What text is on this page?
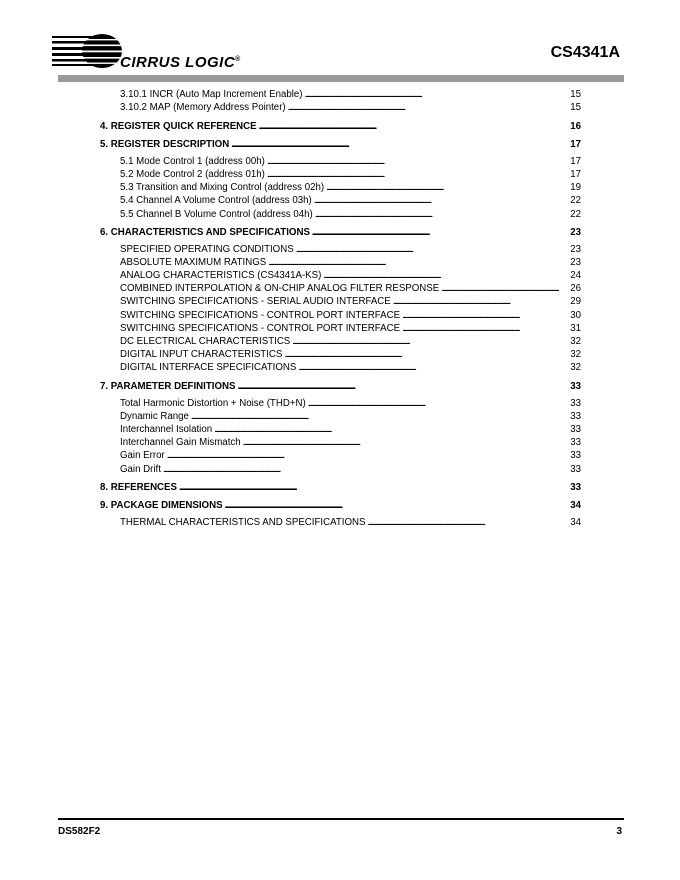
CIRRUS LOGIC®	CS4341A
3.10.1 INCR (Auto Map Increment Enable) . . .	15
3.10.2 MAP (Memory Address Pointer) . . .	15
4. REGISTER QUICK REFERENCE . . .	16
5. REGISTER DESCRIPTION . . .	17
5.1 Mode Control 1 (address 00h) . . .	17
5.2 Mode Control 2 (address 01h) . . .	17
5.3 Transition and Mixing Control (address 02h) . . .	19
5.4 Channel A Volume Control (address 03h) . . .	22
5.5 Channel B Volume Control (address 04h) . . .	22
6. CHARACTERISTICS AND SPECIFICATIONS . . .	23
SPECIFIED OPERATING CONDITIONS . . .	23
ABSOLUTE MAXIMUM RATINGS . . .	23
ANALOG CHARACTERISTICS (CS4341A-KS) . . .	24
COMBINED INTERPOLATION & ON-CHIP ANALOG FILTER RESPONSE . . .	26
SWITCHING SPECIFICATIONS - SERIAL AUDIO INTERFACE . . .	29
SWITCHING SPECIFICATIONS - CONTROL PORT INTERFACE . . .	30
SWITCHING SPECIFICATIONS - CONTROL PORT INTERFACE . . .	31
DC ELECTRICAL CHARACTERISTICS . . .	32
DIGITAL INPUT CHARACTERISTICS . . .	32
DIGITAL INTERFACE SPECIFICATIONS . . .	32
7. PARAMETER DEFINITIONS . . .	33
Total Harmonic Distortion + Noise (THD+N) . . .	33
Dynamic Range . . .	33
Interchannel Isolation . . .	33
Interchannel Gain Mismatch . . .	33
Gain Error . . .	33
Gain Drift . . .	33
8. REFERENCES . . .	33
9. PACKAGE DIMENSIONS . . .	34
THERMAL CHARACTERISTICS AND SPECIFICATIONS . . .	34
DS582F2	3
